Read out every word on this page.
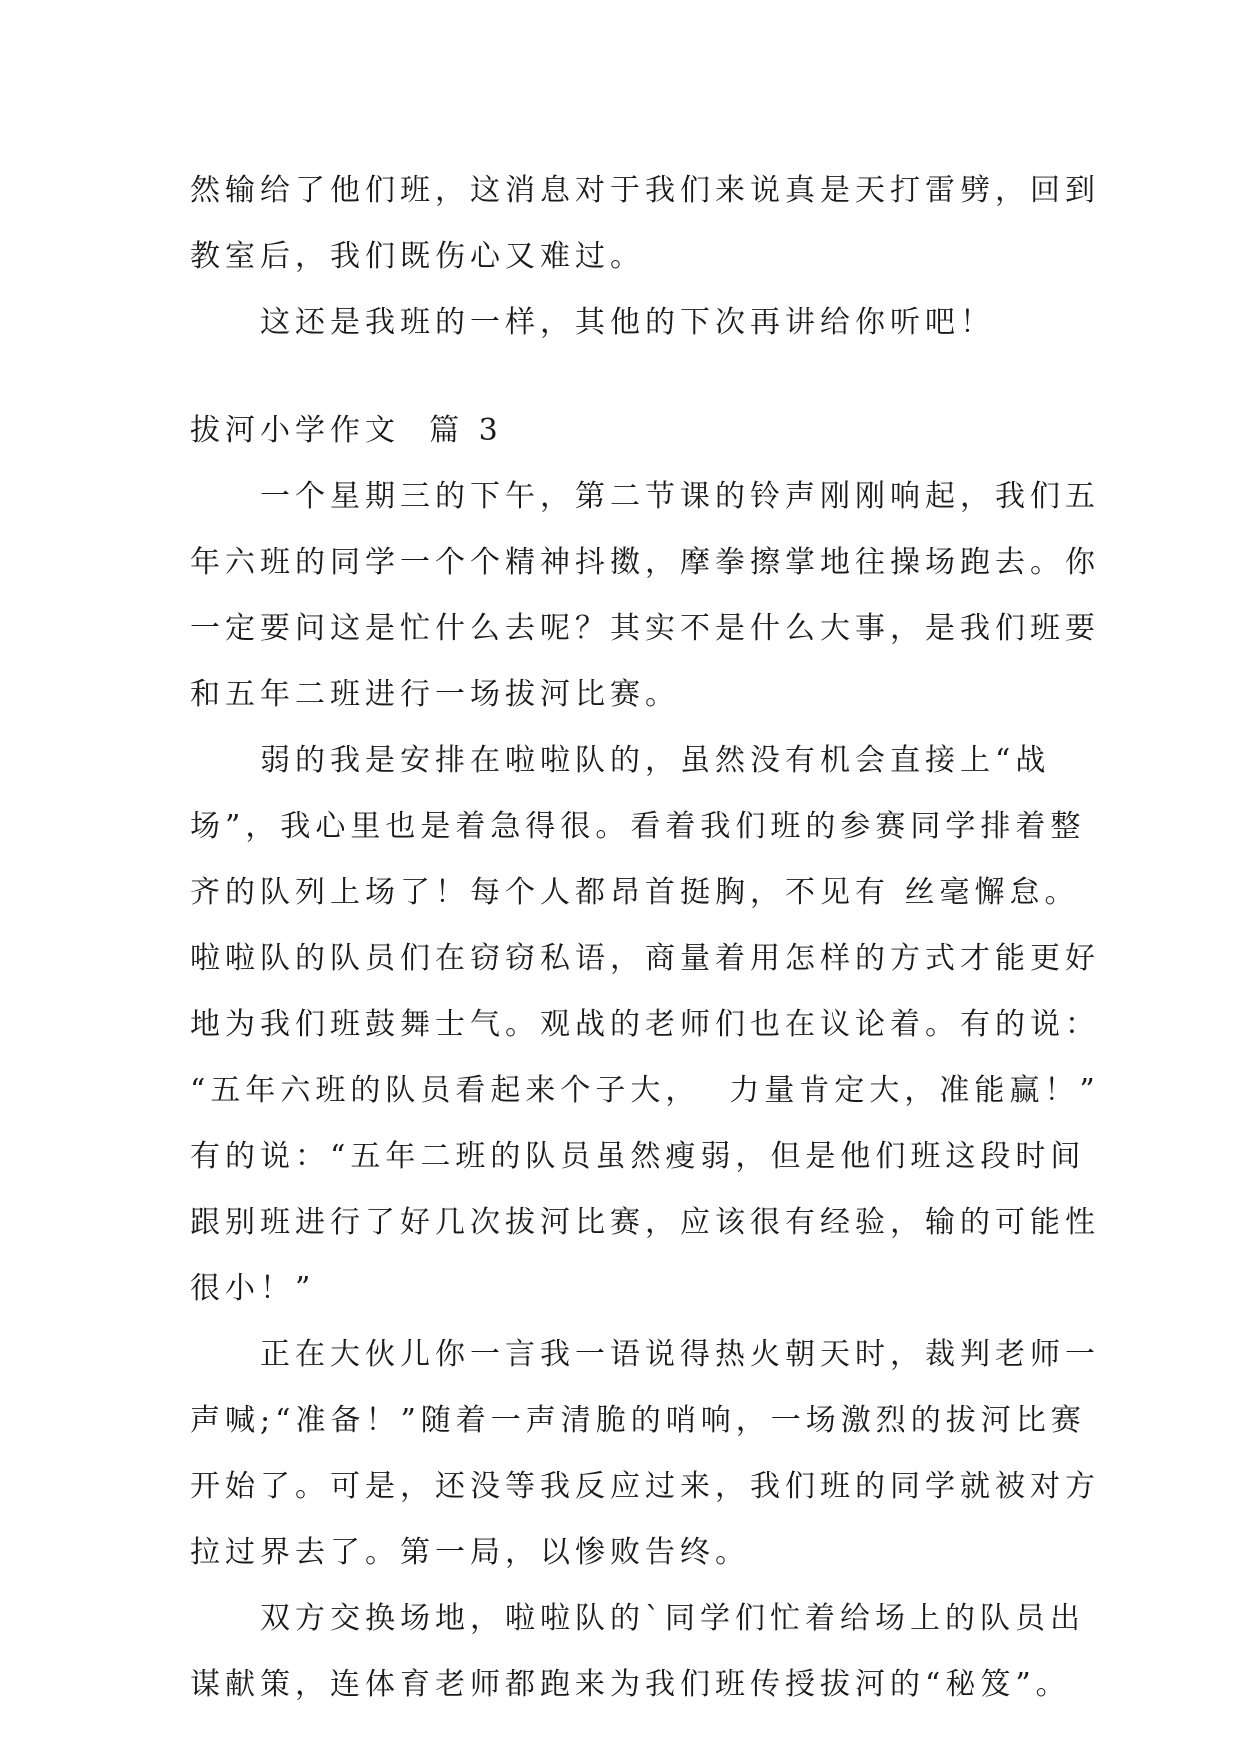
然输给了他们班，这消息对于我们来说真是天打雷劈，回到
教室后，我们既伤心又难过。
　　这还是我班的一样，其他的下次再讲给你听吧！
拔河小学作文  篇 3
　　一个星期三的下午，第二节课的铃声刚刚响起，我们五
年六班的同学一个个精神抖擞，摩拳擦掌地往操场跑去。你
一定要问这是忙什么去呢？其实不是什么大事，是我们班要
和五年二班进行一场拔河比赛。
　　弱的我是安排在啦啦队的，虽然没有机会直接上“战
场”，我心里也是着急得很。看着我们班的参赛同学排着整
齐的队列上场了！每个人都昂首挺胸，不见有 丝毫懈怠。
啦啦队的队员们在窃窃私语，商量着用怎样的方式才能更好
地为我们班鼓舞士气。观战的老师们也在议论着。有的说：
“五年六班的队员看起来个子大，  力量肯定大，准能赢！”
有的说：“五年二班的队员虽然瘦弱，但是他们班这段时间
跟别班进行了好几次拔河比赛，应该很有经验，输的可能性
很小！”
　　正在大伙儿你一言我一语说得热火朝天时，裁判老师一
声喊;“准备！”随着一声清脆的哨响，一场激烈的拔河比赛
开始了。可是，还没等我反应过来，我们班的同学就被对方
拉过界去了。第一局，以惨败告终。
　　双方交换场地，啦啦队的`同学们忙着给场上的队员出
谋献策，连体育老师都跑来为我们班传授拔河的“秘笈”。
